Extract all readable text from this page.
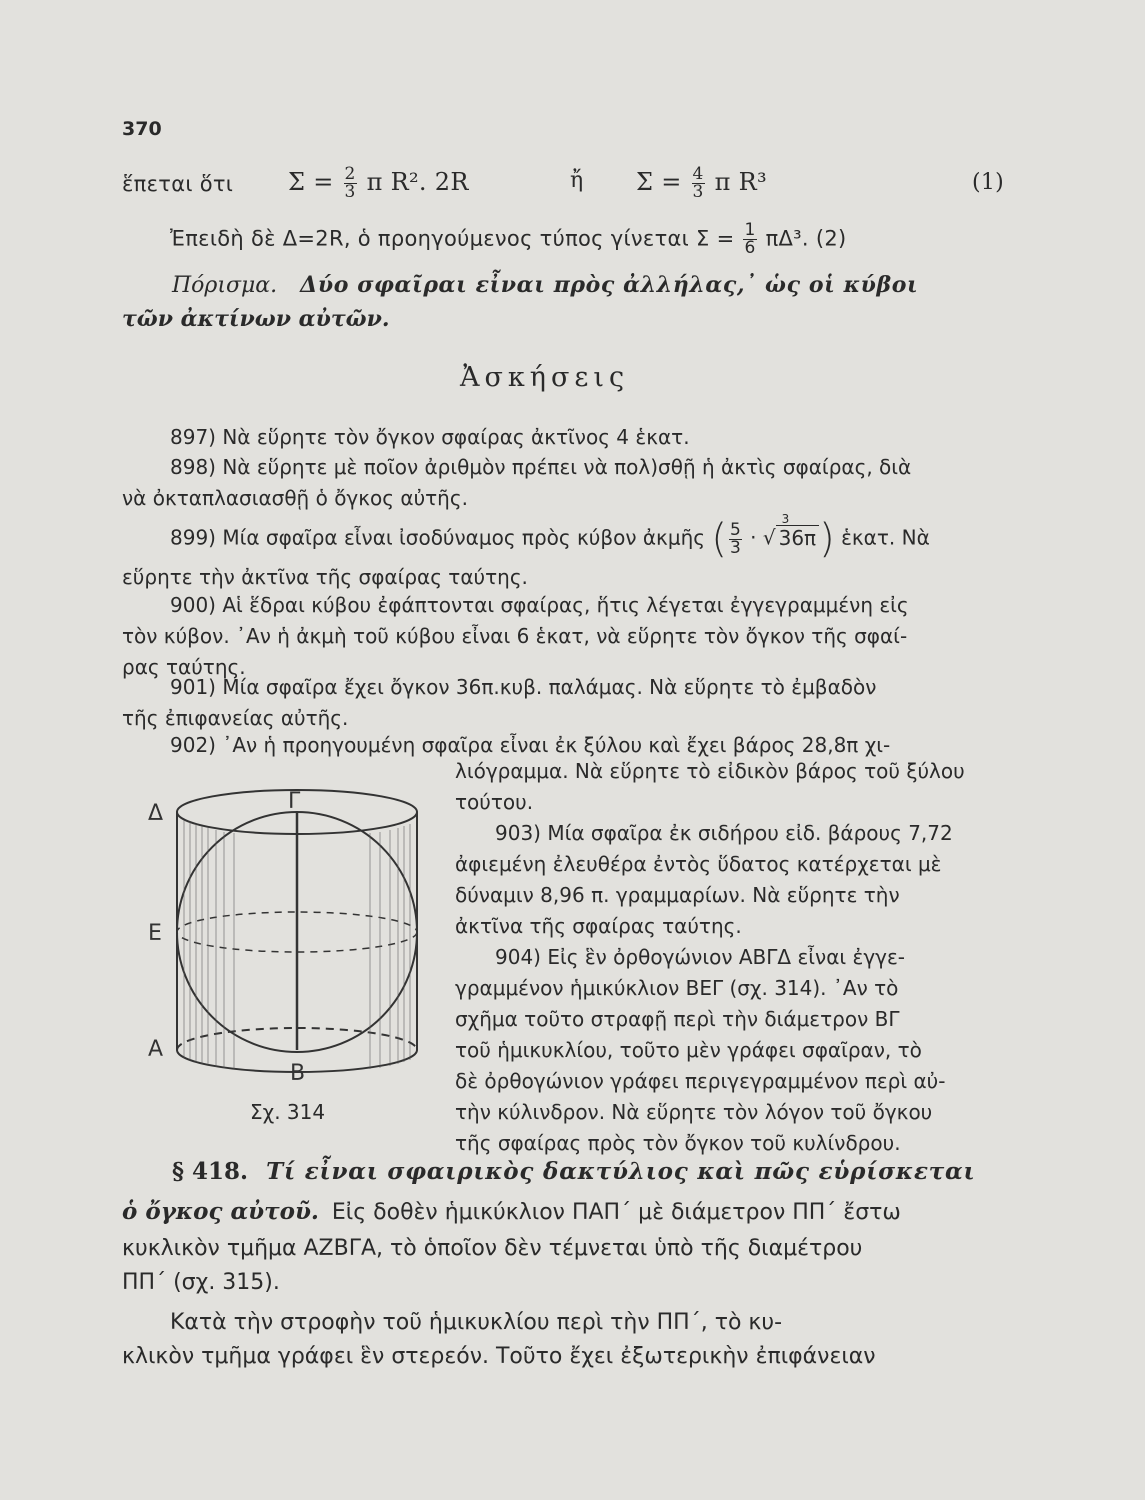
370
ἕπεται ὅτι $\Sigma = \frac{2}{3}$ π R². 2R	ἤ $\Sigma = \frac{4}{3}$ π R³	(1)
Ἐπειδὴ δὲ Δ=2R, ὁ προηγούμενος τύπος γίνεται $\Sigma = \frac{1}{6} \pi\Delta^3$. (2)
Πόρισμα. Δύο σφαῖραι εἶναι πρὸς ἀλλήλας,᾿ ὡς οἱ κύβοι
τῶν ἀκτίνων αὐτῶν.
Ἀσκήσεις
897) Νὰ εὕρητε τὸν ὄγκον σφαίρας ἀκτῖνος 4 ἑκατ.
898) Νὰ εὕρητε μὲ ποῖον ἀριθμὸν πρέπει νὰ πολ)σθῇ ἡ ἀκτὶς σφαίρας, διὰ
νὰ ὀκταπλασιασθῇ ὁ ὄγκος αὐτῆς.
899) Μία σφαῖρα εἶναι ἰσοδύναμος πρὸς κύβον ἀκμῆς ( $\frac{5}{3}$ · √
3
36π) ἑκατ. Νὰ
εὕρητε τὴν ἀκτῖνα τῆς σφαίρας ταύτης.
900) Αἱ ἕδραι κύβου ἐφάπτονται σφαίρας, ἥτις λέγεται ἐγγεγραμμένη εἰς
τὸν κύβον. ᾿Αν ἡ ἀκμὴ τοῦ κύβου εἶναι 6 ἑκατ, νὰ εὕρητε τὸν ὄγκον τῆς σφαί-
ρας ταύτης.
901) Μία σφαῖρα ἔχει ὄγκον 36π.κυβ. παλάμας. Νὰ εὕρητε τὸ ἐμβαδὸν
τῆς ἐπιφανείας αὐτῆς.
902) ᾿Αν ἡ προηγουμένη σφαῖρα εἶναι ἐκ ξύλου καὶ ἔχει βάρος 28,8π χι-
λιόγραμμα. Νὰ εὕρητε τὸ εἰδικὸν βάρος τοῦ ξύλου
τούτου.
903) Μία σφαῖρα ἐκ σιδήρου εἰδ. βάρους 7,72
ἀφιεμένη ἐλευθέρα ἐντὸς ὕδατος κατέρχεται μὲ
δύναμιν 8,96 π. γραμμαρίων. Νὰ εὕρητε τὴν
ἀκτῖνα τῆς σφαίρας ταύτης.
904) Εἰς ἓν ὀρθογώνιον ΑΒΓΔ εἶναι ἐγγε-
γραμμένον ἡμικύκλιον ΒΕΓ (σχ. 314). ᾿Αν τὸ
σχῆμα τοῦτο στραφῇ περὶ τὴν διάμετρον ΒΓ
τοῦ ἡμικυκλίου, τοῦτο μὲν γράφει σφαῖραν, τὸ
δὲ ὀρθογώνιον γράφει περιγεγραμμένον περὶ αὐ-
τὴν κύλινδρον. Νὰ εὕρητε τὸν λόγον τοῦ ὄγκου
τῆς σφαίρας πρὸς τὸν ὄγκον τοῦ κυλίνδρου.
Δ	Γ
Ε
Α
Β
Σχ. 314
§ 418. Τί εἶναι σφαιρικὸς δακτύλιος καὶ πῶς εὑρίσκεται
ὁ ὄγκος αὐτοῦ. Εἰς δοθὲν ἡμικύκλιον ΠΑΠ΄ μὲ διάμετρον ΠΠ΄ ἔστω
κυκλικὸν τμῆμα ΑΖΒΓΑ, τὸ ὁποῖον δὲν τέμνεται ὑπὸ τῆς διαμέτρου
ΠΠ΄ (σχ. 315).
Κατὰ τὴν στροφὴν τοῦ ἡμικυκλίου περὶ τὴν ΠΠ΄, τὸ κυ-
κλικὸν τμῆμα γράφει ἓν στερεόν. Τοῦτο ἔχει ἐξωτερικὴν ἐπιφάνειαν
